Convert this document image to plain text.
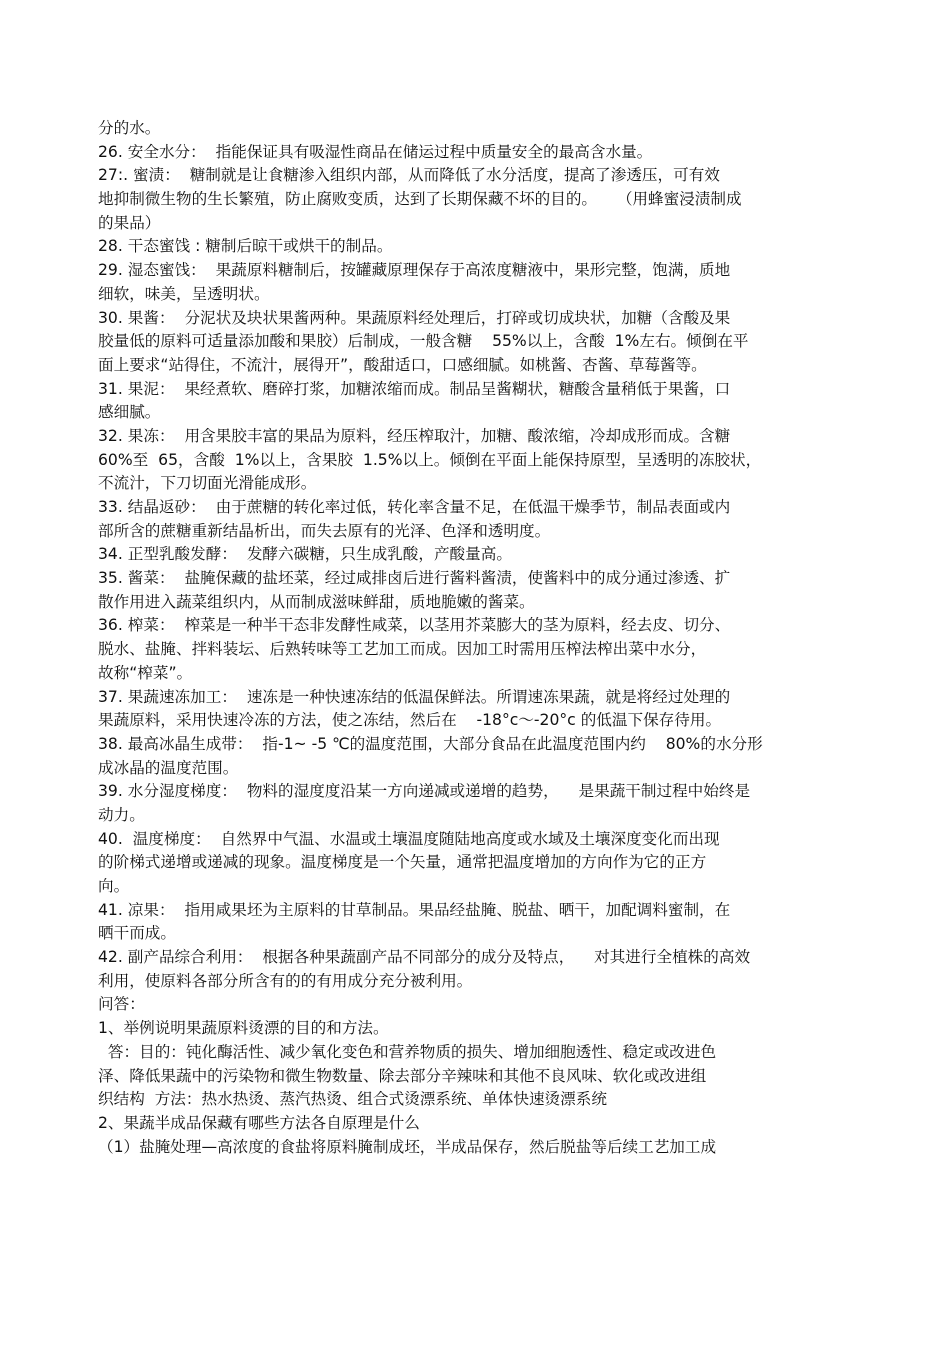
分的水。
26. 安全水分：  指能保证具有吸湿性商品在储运过程中质量安全的最高含水量。
27:. 蜜渍：  糖制就是让食糖渗入组织内部，从而降低了水分活度，提高了渗透压，可有效
地抑制微生物的生长繁殖，防止腐败变质，达到了长期保藏不坏的目的。    （用蜂蜜浸渍制成
的果品）
28. 干态蜜饯 : 糖制后晾干或烘干的制品。
29. 湿态蜜饯：  果蔬原料糖制后，按罐藏原理保存于高浓度糖液中，果形完整，饱满，质地
细软，味美，呈透明状。
30. 果酱：  分泥状及块状果酱两种。果蔬原料经处理后，打碎或切成块状，加糖（含酸及果
胶量低的原料可适量添加酸和果胶）后制成，一般含糖    55%以上，含酸  1%左右。倾倒在平
面上要求“站得住，不流汁，展得开”，酸甜适口，口感细腻。如桃酱、杏酱、草莓酱等。
31. 果泥：  果经煮软、磨碎打浆，加糖浓缩而成。制品呈酱糊状，糖酸含量稍低于果酱，口
感细腻。
32. 果冻：  用含果胶丰富的果品为原料，经压榨取汁，加糖、酸浓缩，冷却成形而成。含糖
60%至  65，含酸  1%以上，含果胶  1.5%以上。倾倒在平面上能保持原型，呈透明的冻胶状，
不流汁，下刀切面光滑能成形。
33. 结晶返砂：  由于蔗糖的转化率过低，转化率含量不足，在低温干燥季节，制品表面或内
部所含的蔗糖重新结晶析出，而失去原有的光泽、色泽和透明度。
34. 正型乳酸发酵：  发酵六碳糖，只生成乳酸，产酸量高。
35. 酱菜：  盐腌保藏的盐坯菜，经过咸排卤后进行酱料酱渍，使酱料中的成分通过渗透、扩
散作用进入蔬菜组织内，从而制成滋味鲜甜，质地脆嫩的酱菜。
36. 榨菜：  榨菜是一种半干态非发酵性咸菜，以茎用芥菜膨大的茎为原料，经去皮、切分、
脱水、盐腌、拌料装坛、后熟转味等工艺加工而成。因加工时需用压榨法榨出菜中水分，
故称“榨菜”。
37. 果蔬速冻加工：  速冻是一种快速冻结的低温保鲜法。所谓速冻果蔬，就是将经过处理的
果蔬原料，采用快速冷冻的方法，使之冻结，然后在    -18°c～-20°c 的低温下保存待用。
38. 最高冰晶生成带：  指-1~ -5 ℃的温度范围，大部分食品在此温度范围内约    80%的水分形
成冰晶的温度范围。
39. 水分湿度梯度：  物料的湿度度沿某一方向递减或递增的趋势，    是果蔬干制过程中始终是
动力。
40.  温度梯度：  自然界中气温、水温或土壤温度随陆地高度或水域及土壤深度变化而出现
的阶梯式递增或递减的现象。温度梯度是一个矢量，通常把温度增加的方向作为它的正方
向。
41. 凉果：  指用咸果坯为主原料的甘草制品。果品经盐腌、脱盐、晒干，加配调料蜜制，在
晒干而成。
42. 副产品综合利用：  根据各种果蔬副产品不同部分的成分及特点，    对其进行全植株的高效
利用，使原料各部分所含有的的有用成分充分被利用。
问答：
1、举例说明果蔬原料烫漂的目的和方法。
答：目的：钝化酶活性、减少氧化变色和营养物质的损失、增加细胞透性、稳定或改进色
泽、降低果蔬中的污染物和微生物数量、除去部分辛辣味和其他不良风味、软化或改进组
织结构  方法：热水热烫、蒸汽热烫、组合式烫漂系统、单体快速烫漂系统
2、果蔬半成品保藏有哪些方法各自原理是什么
（1）盐腌处理—高浓度的食盐将原料腌制成坯，半成品保存，然后脱盐等后续工艺加工成
